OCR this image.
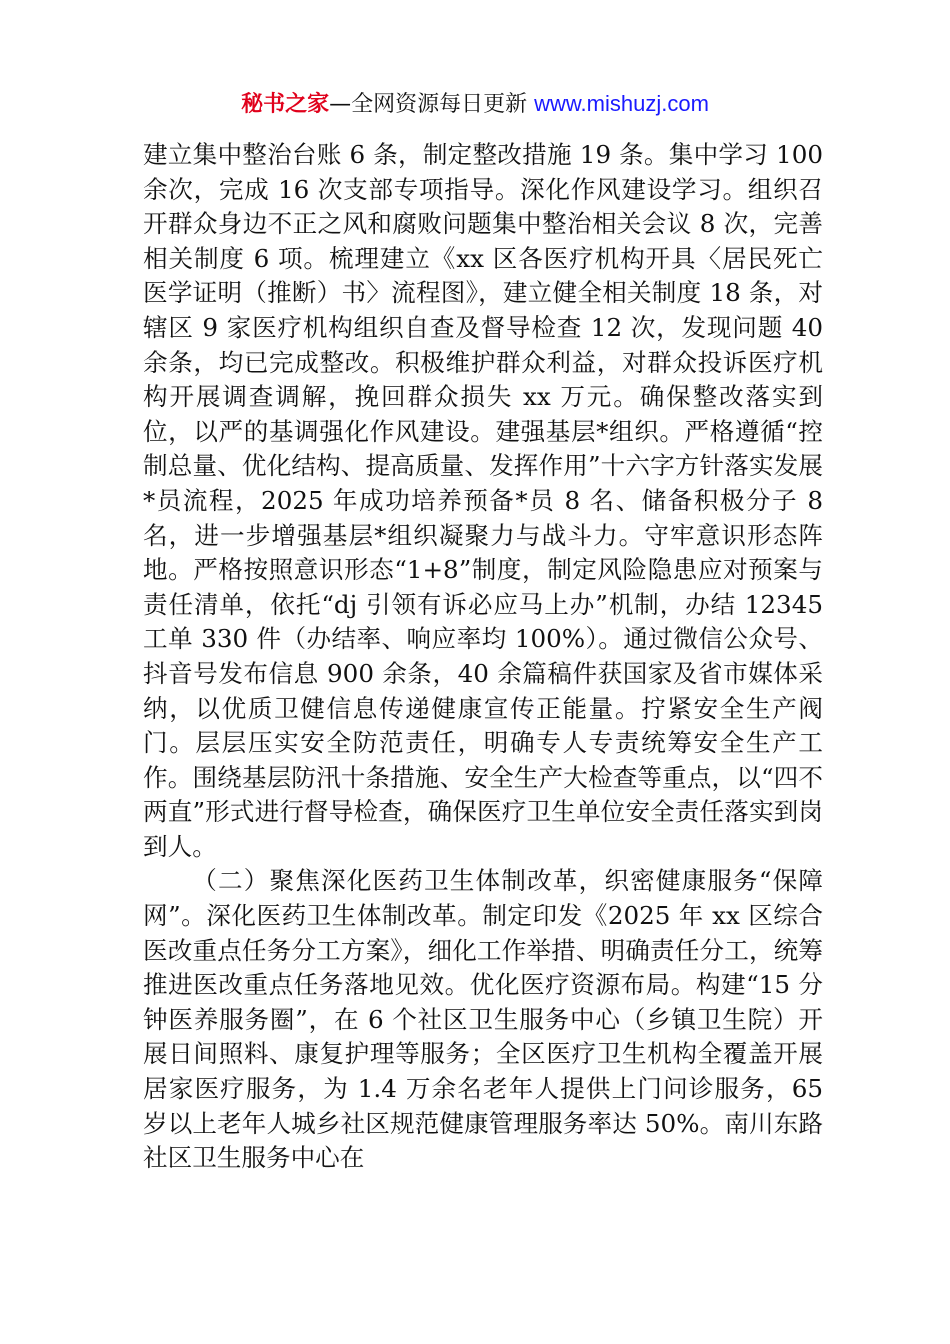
秘书之家—全网资源每日更新 www.mishuzj.com

建立集中整治台账 6 条，制定整改措施 19 条。集中学习 100 余次，完成 16 次支部专项指导。深化作风建设学习。组织召开群众身边不正之风和腐败问题集中整治相关会议 8 次，完善相关制度 6 项。梳理建立《xx 区各医疗机构开具〈居民死亡医学证明（推断）书〉流程图》，建立健全相关制度 18 条，对辖区 9 家医疗机构组织自查及督导检查 12 次，发现问题 40 余条，均已完成整改。积极维护群众利益，对群众投诉医疗机构开展调查调解，挽回群众损失 xx 万元。确保整改落实到位，以严的基调强化作风建设。建强基层*组织。严格遵循“控制总量、优化结构、提高质量、发挥作用”十六字方针落实发展*员流程，2025 年成功培养预备*员 8 名、储备积极分子 8 名，进一步增强基层*组织凝聚力与战斗力。守牢意识形态阵地。严格按照意识形态“1+8”制度，制定风险隐患应对预案与责任清单，依托“dj 引领有诉必应马上办”机制，办结 12345 工单 330 件（办结率、响应率均 100%）。通过微信公众号、抖音号发布信息 900 余条，40 余篇稿件获国家及省市媒体采纳，以优质卫健信息传递健康宣传正能量。拧紧安全生产阀门。层层压实安全防范责任，明确专人专责统筹安全生产工作。围绕基层防汛十条措施、安全生产大检查等重点，以“四不两直”形式进行督导检查，确保医疗卫生单位安全责任落实到岗到人。

（二）聚焦深化医药卫生体制改革，织密健康服务“保障网”。深化医药卫生体制改革。制定印发《2025 年 xx 区综合医改重点任务分工方案》，细化工作举措、明确责任分工，统筹推进医改重点任务落地见效。优化医疗资源布局。构建“15 分钟医养服务圈”，在 6 个社区卫生服务中心（乡镇卫生院）开展日间照料、康复护理等服务；全区医疗卫生机构全覆盖开展居家医疗服务，为 1.4 万余名老年人提供上门问诊服务，65 岁以上老年人城乡社区规范健康管理服务率达 50%。南川东路社区卫生服务中心在
